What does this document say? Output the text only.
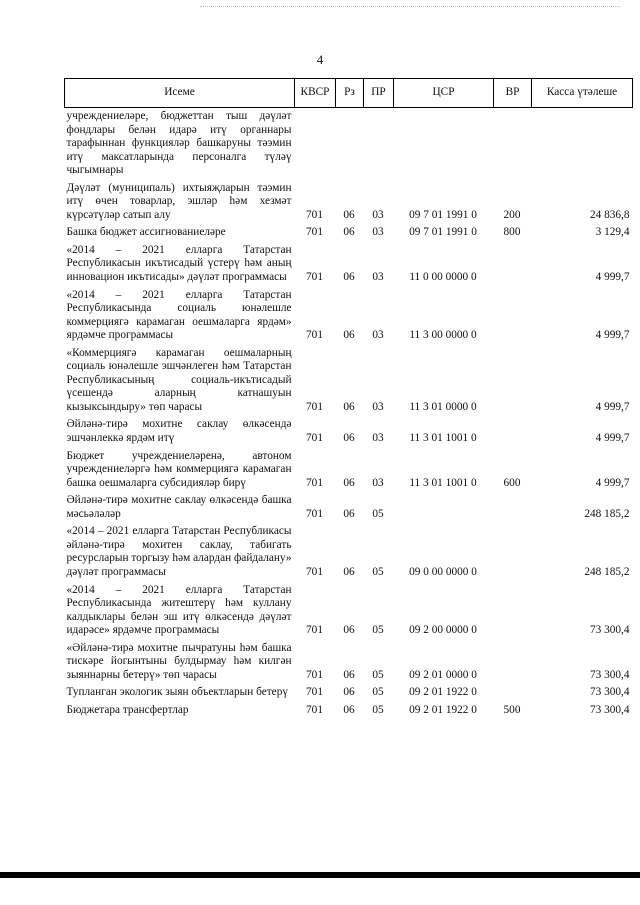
4
Исеме	КВСР	Рз	ПР	ЦСР	ВР	Касса үтәлеше
учреждениеләре, бюджеттан тыш дәүләт фондлары белән идарә итү органнары тарафыннан функцияләр башкаруны тәэмин итү максатларында персоналга түләү чыгымнары						
Дәүләт (муниципаль) ихтыяҗларын тәэмин итү өчен товарлар, эшләр һәм хезмәт күрсәтүләр сатып алу	701	06	03	09 7 01 1991 0	200	24 836,8
Башка бюджет ассигнованиеләре	701	06	03	09 7 01 1991 0	800	3 129,4
«2014 – 2021 елларга Татарстан Республикасын икътисадый үстерү һәм аның инновацион икътисады» дәүләт программасы	701	06	03	11 0 00 0000 0		4 999,7
«2014 – 2021 елларга Татарстан Республикасында социаль юнәлешле коммерциягә карамаган оешмаларга ярдәм» ярдәмче программасы	701	06	03	11 3 00 0000 0		4 999,7
«Коммерциягә карамаган оешмаларның социаль юнәлешле эшчәнлеген һәм Татарстан Республикасының социаль-икътисадый үсешендә аларның катнашуын кызыксындыру» төп чарасы	701	06	03	11 3 01 0000 0		4 999,7
Әйләнә-тирә мохитне саклау өлкәсендә эшчәнлеккә ярдәм итү	701	06	03	11 3 01 1001 0		4 999,7
Бюджет учреждениеләренә, автоном учреждениеләргә һәм коммерциягә карамаган башка оешмаларга субсидияләр бирү	701	06	03	11 3 01 1001 0	600	4 999,7
Әйләнә-тирә мохитне саклау өлкәсендә башка мәсьәләләр	701	06	05			248 185,2
«2014 – 2021 елларга Татарстан Республикасы әйләнә-тирә мохитен саклау, табигать ресурсларын торгызу һәм алардан файдалану» дәүләт программасы	701	06	05	09 0 00 0000 0		248 185,2
«2014 – 2021 елларга Татарстан Республикасында житештерү һәм куллану калдыклары белән эш итү өлкәсендә дәүләт идарәсе» ярдәмче программасы	701	06	05	09 2 00 0000 0		73 300,4
«Әйләнә-тирә мохитне пычратуны һәм башка тискәре йогынтыны булдырмау һәм килгән зыяннарны бетерү» төп чарасы	701	06	05	09 2 01 0000 0		73 300,4
Тупланган экологик зыян объектларын бетерү	701	06	05	09 2 01 1922 0		73 300,4
Бюджетара трансфертлар	701	06	05	09 2 01 1922 0	500	73 300,4
